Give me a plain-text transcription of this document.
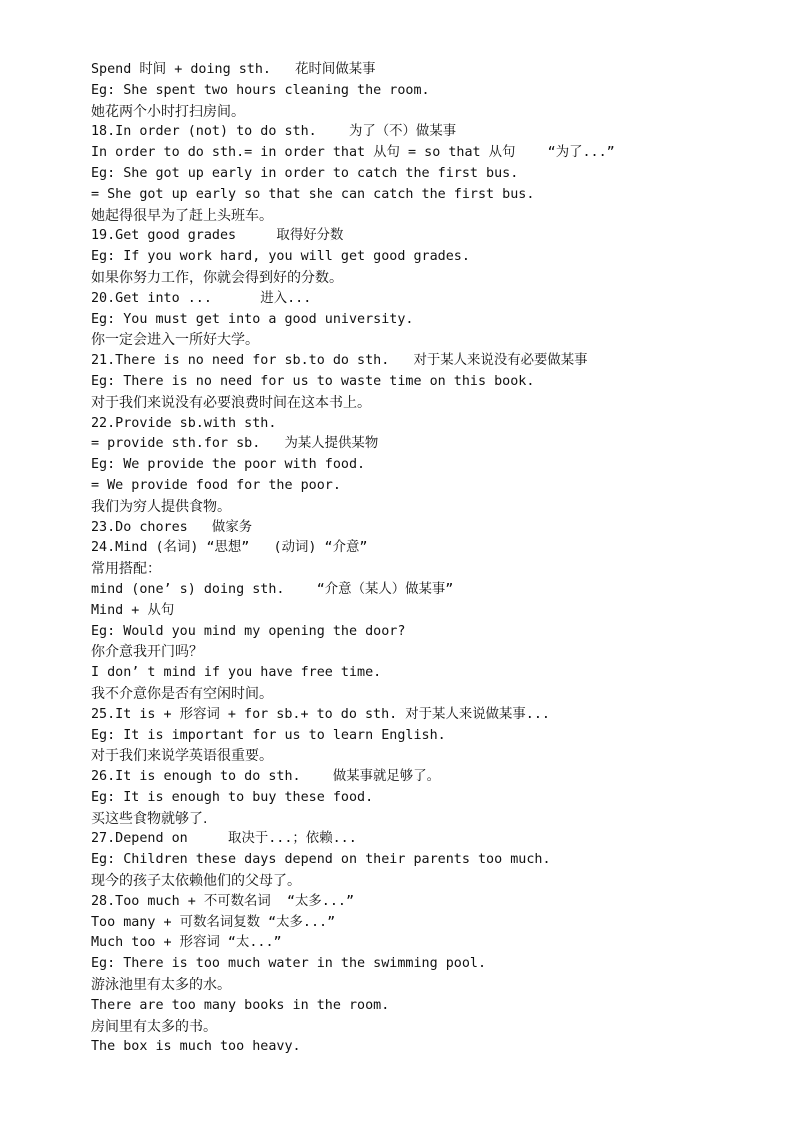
Spend 时间 + doing sth.   花时间做某事
Eg: She spent two hours cleaning the room.
她花两个小时打扫房间。
18.In order (not) to do sth.    为了（不）做某事
In order to do sth.= in order that 从句 = so that 从句    “为了...”
Eg: She got up early in order to catch the first bus.
= She got up early so that she can catch the first bus.
她起得很早为了赶上头班车。
19.Get good grades     取得好分数
Eg: If you work hard, you will get good grades.
如果你努力工作，你就会得到好的分数。
20.Get into ...      进入...
Eg: You must get into a good university.
你一定会进入一所好大学。
21.There is no need for sb.to do sth.   对于某人来说没有必要做某事
Eg: There is no need for us to waste time on this book.
对于我们来说没有必要浪费时间在这本书上。
22.Provide sb.with sth.
= provide sth.for sb.   为某人提供某物
Eg: We provide the poor with food.
= We provide food for the poor.
我们为穷人提供食物。
23.Do chores   做家务
24.Mind (名词) “思想”   (动词) “介意”
常用搭配：
mind (one’ s) doing sth.    “介意（某人）做某事”
Mind + 从句
Eg: Would you mind my opening the door?
你介意我开门吗？
I don’ t mind if you have free time.
我不介意你是否有空闲时间。
25.It is + 形容词 + for sb.+ to do sth. 对于某人来说做某事...
Eg: It is important for us to learn English.
对于我们来说学英语很重要。
26.It is enough to do sth.    做某事就足够了。
Eg: It is enough to buy these food.
买这些食物就够了.
27.Depend on     取决于...；依赖...
Eg: Children these days depend on their parents too much.
现今的孩子太依赖他们的父母了。
28.Too much + 不可数名词  “太多...”
Too many + 可数名词复数 “太多...”
Much too + 形容词 “太...”
Eg: There is too much water in the swimming pool.
游泳池里有太多的水。
There are too many books in the room.
房间里有太多的书。
The box is much too heavy.
